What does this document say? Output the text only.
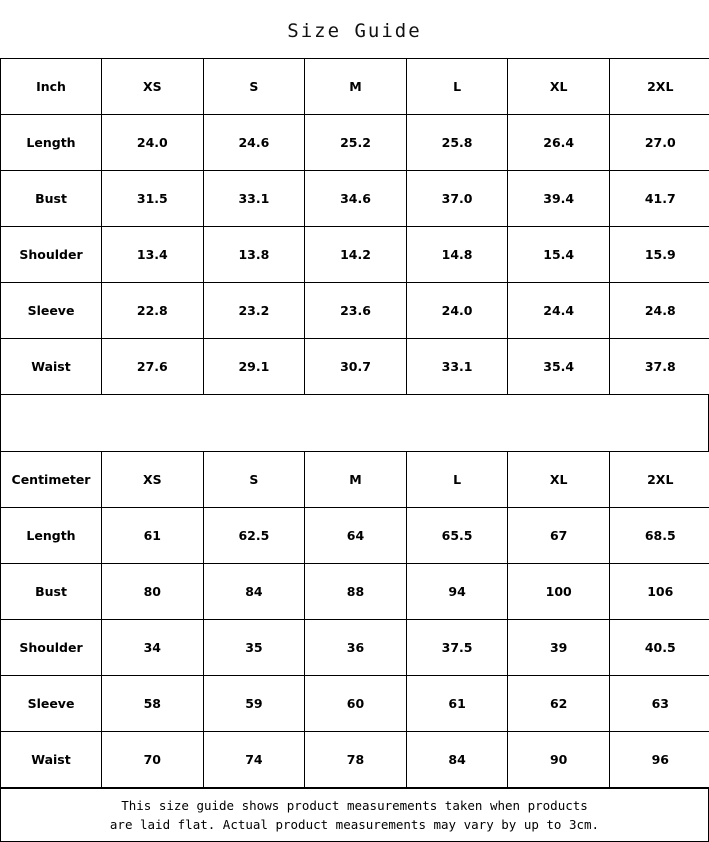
Size Guide
Inch	XS	S	M	L	XL	2XL
Length	24.0	24.6	25.2	25.8	26.4	27.0
Bust	31.5	33.1	34.6	37.0	39.4	41.7
Shoulder	13.4	13.8	14.2	14.8	15.4	15.9
Sleeve	22.8	23.2	23.6	24.0	24.4	24.8
Waist	27.6	29.1	30.7	33.1	35.4	37.8
Centimeter	XS	S	M	L	XL	2XL
Length	61	62.5	64	65.5	67	68.5
Bust	80	84	88	94	100	106
Shoulder	34	35	36	37.5	39	40.5
Sleeve	58	59	60	61	62	63
Waist	70	74	78	84	90	96
This size guide shows product measurements taken when products
are laid flat. Actual product measurements may vary by up to 3cm.
